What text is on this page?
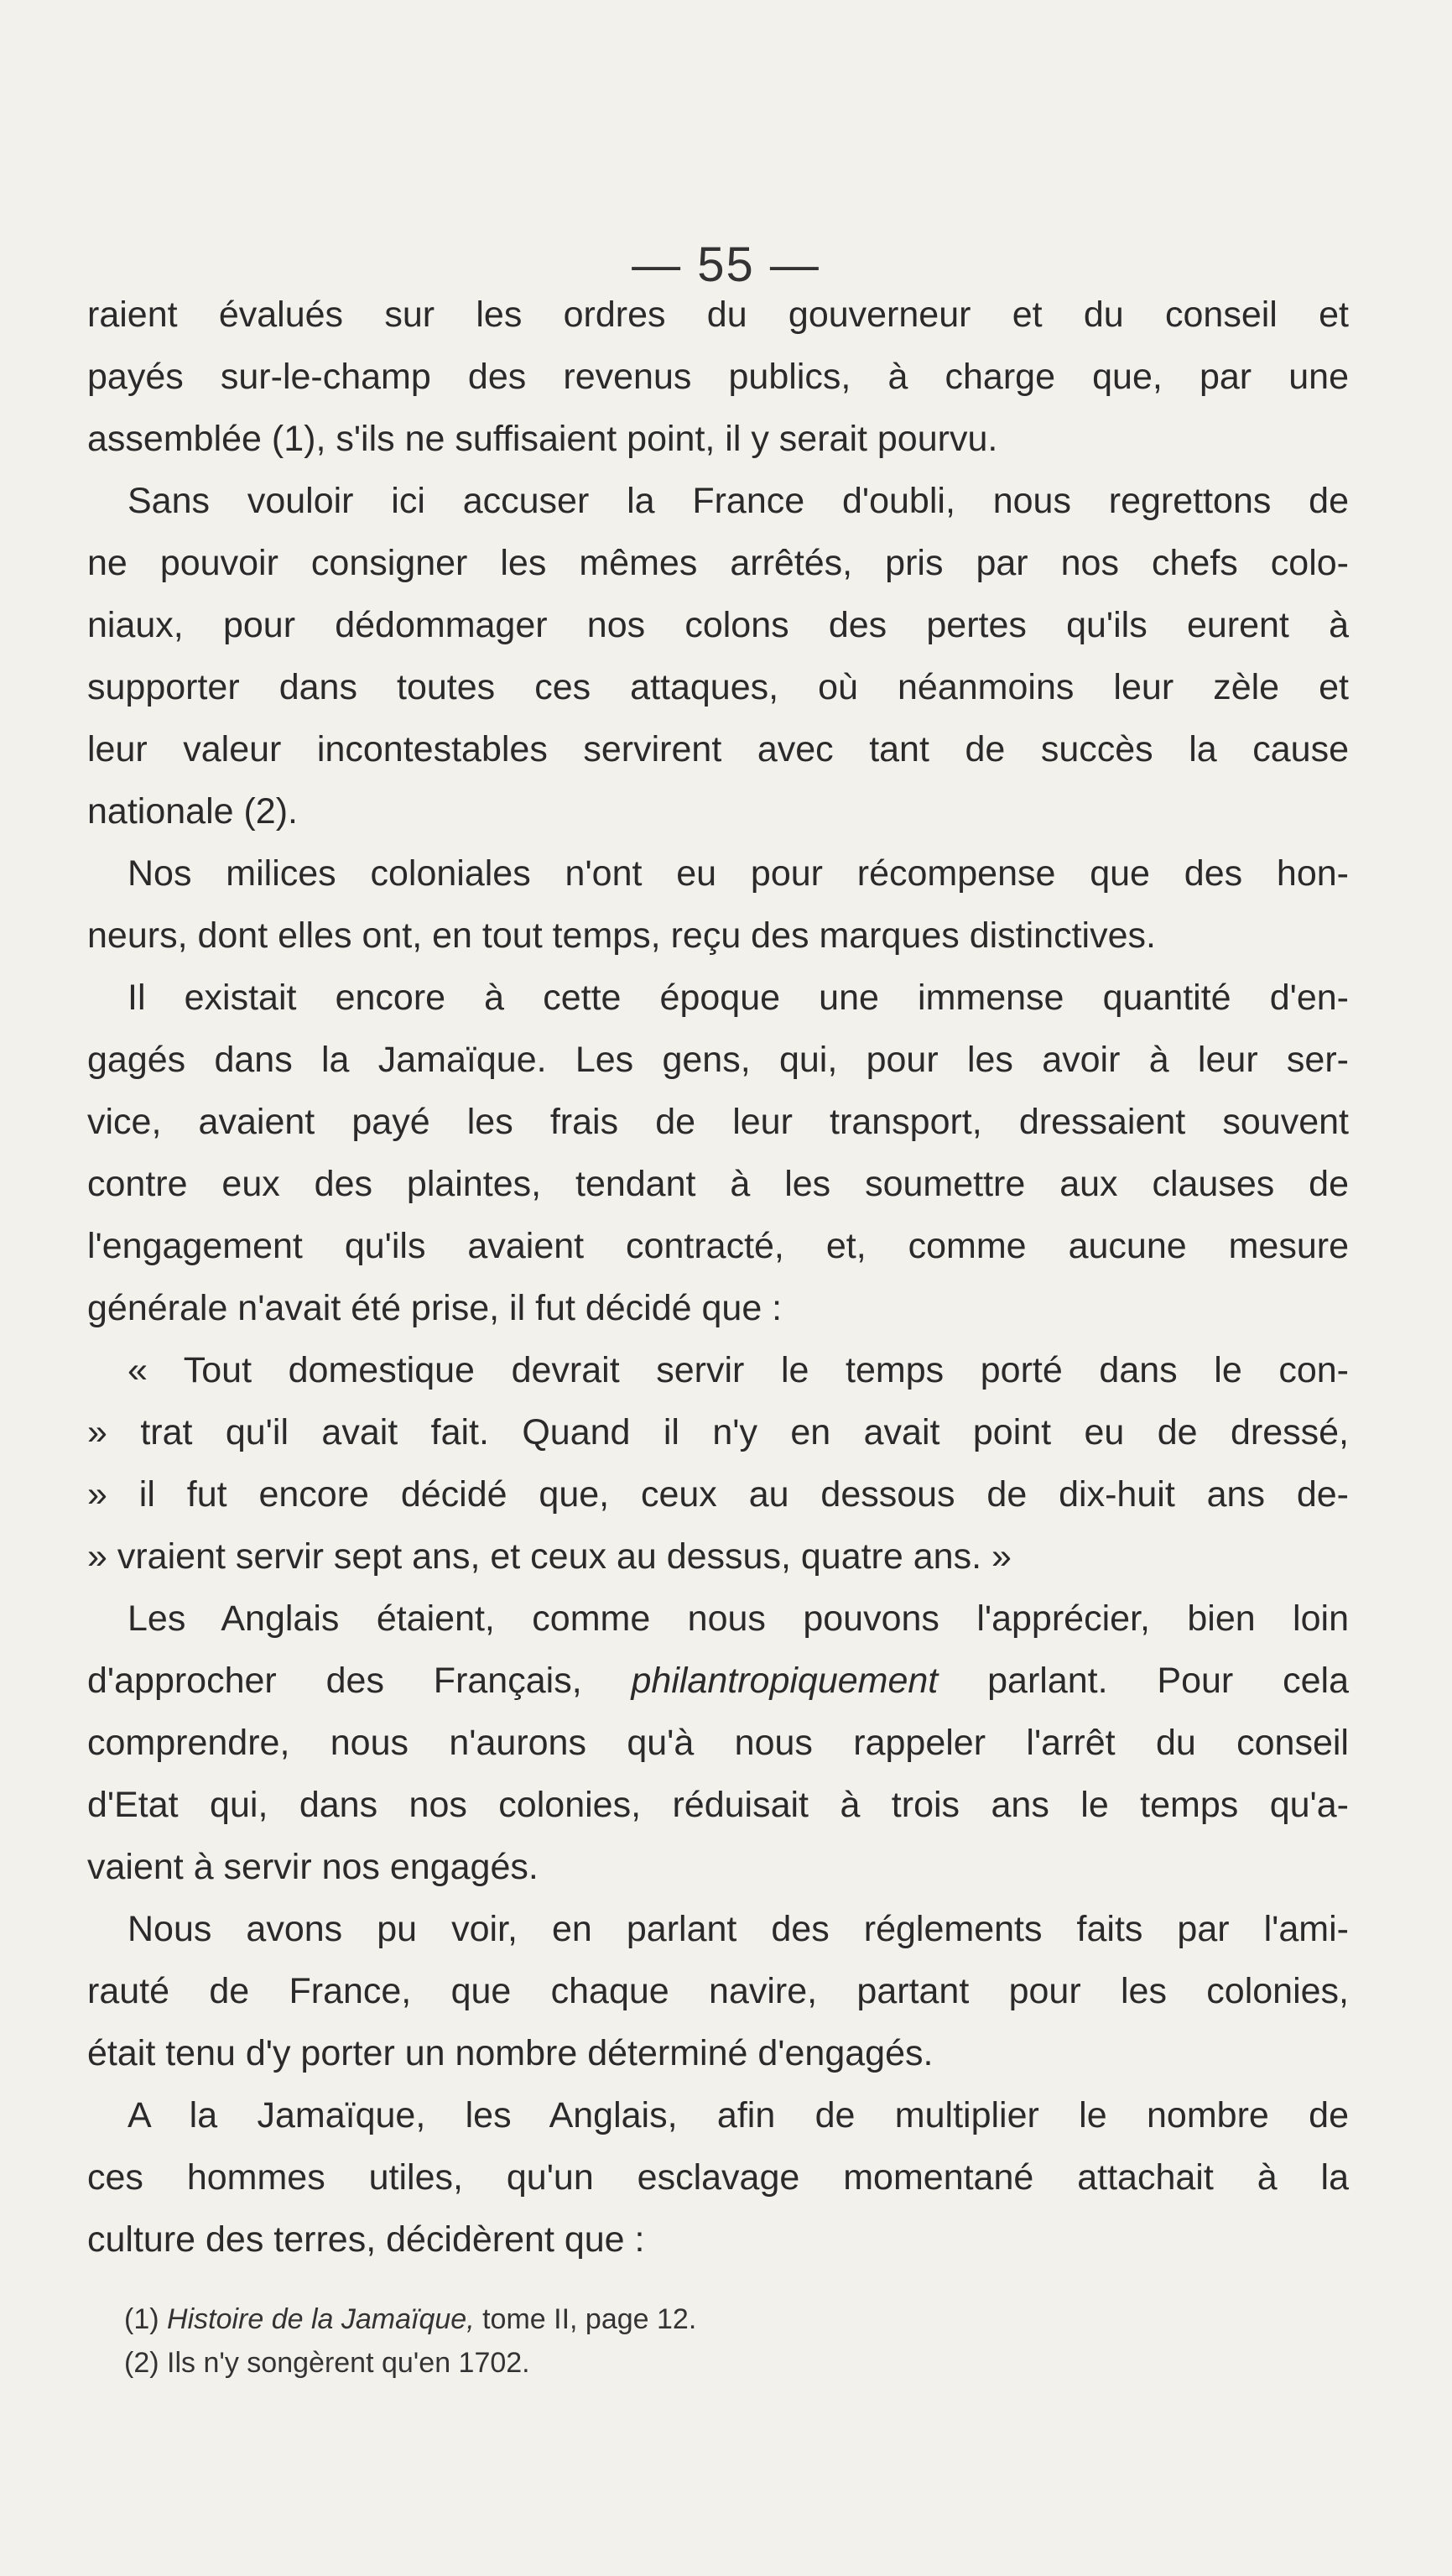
— 55 —
raient évalués sur les ordres du gouverneur et du conseil et
payés sur-le-champ des revenus publics, à charge que, par une
assemblée (1), s'ils ne suffisaient point, il y serait pourvu.
Sans vouloir ici accuser la France d'oubli, nous regrettons de
ne pouvoir consigner les mêmes arrêtés, pris par nos chefs colo-
niaux, pour dédommager nos colons des pertes qu'ils eurent à
supporter dans toutes ces attaques, où néanmoins leur zèle et
leur valeur incontestables servirent avec tant de succès la cause
nationale (2).
Nos milices coloniales n'ont eu pour récompense que des hon-
neurs, dont elles ont, en tout temps, reçu des marques distinctives.
Il existait encore à cette époque une immense quantité d'en-
gagés dans la Jamaïque. Les gens, qui, pour les avoir à leur ser-
vice, avaient payé les frais de leur transport, dressaient souvent
contre eux des plaintes, tendant à les soumettre aux clauses de
l'engagement qu'ils avaient contracté, et, comme aucune mesure
générale n'avait été prise, il fut décidé que :
« Tout domestique devrait servir le temps porté dans le con-
» trat qu'il avait fait. Quand il n'y en avait point eu de dressé,
» il fut encore décidé que, ceux au dessous de dix-huit ans de-
» vraient servir sept ans, et ceux au dessus, quatre ans. »
Les Anglais étaient, comme nous pouvons l'apprécier, bien loin
d'approcher des Français, philantropiquement parlant. Pour cela
comprendre, nous n'aurons qu'à nous rappeler l'arrêt du conseil
d'Etat qui, dans nos colonies, réduisait à trois ans le temps qu'a-
vaient à servir nos engagés.
Nous avons pu voir, en parlant des réglements faits par l'ami-
rauté de France, que chaque navire, partant pour les colonies,
était tenu d'y porter un nombre déterminé d'engagés.
A la Jamaïque, les Anglais, afin de multiplier le nombre de
ces hommes utiles, qu'un esclavage momentané attachait à la
culture des terres, décidèrent que :
(1) Histoire de la Jamaïque, tome II, page 12.
(2) Ils n'y songèrent qu'en 1702.
